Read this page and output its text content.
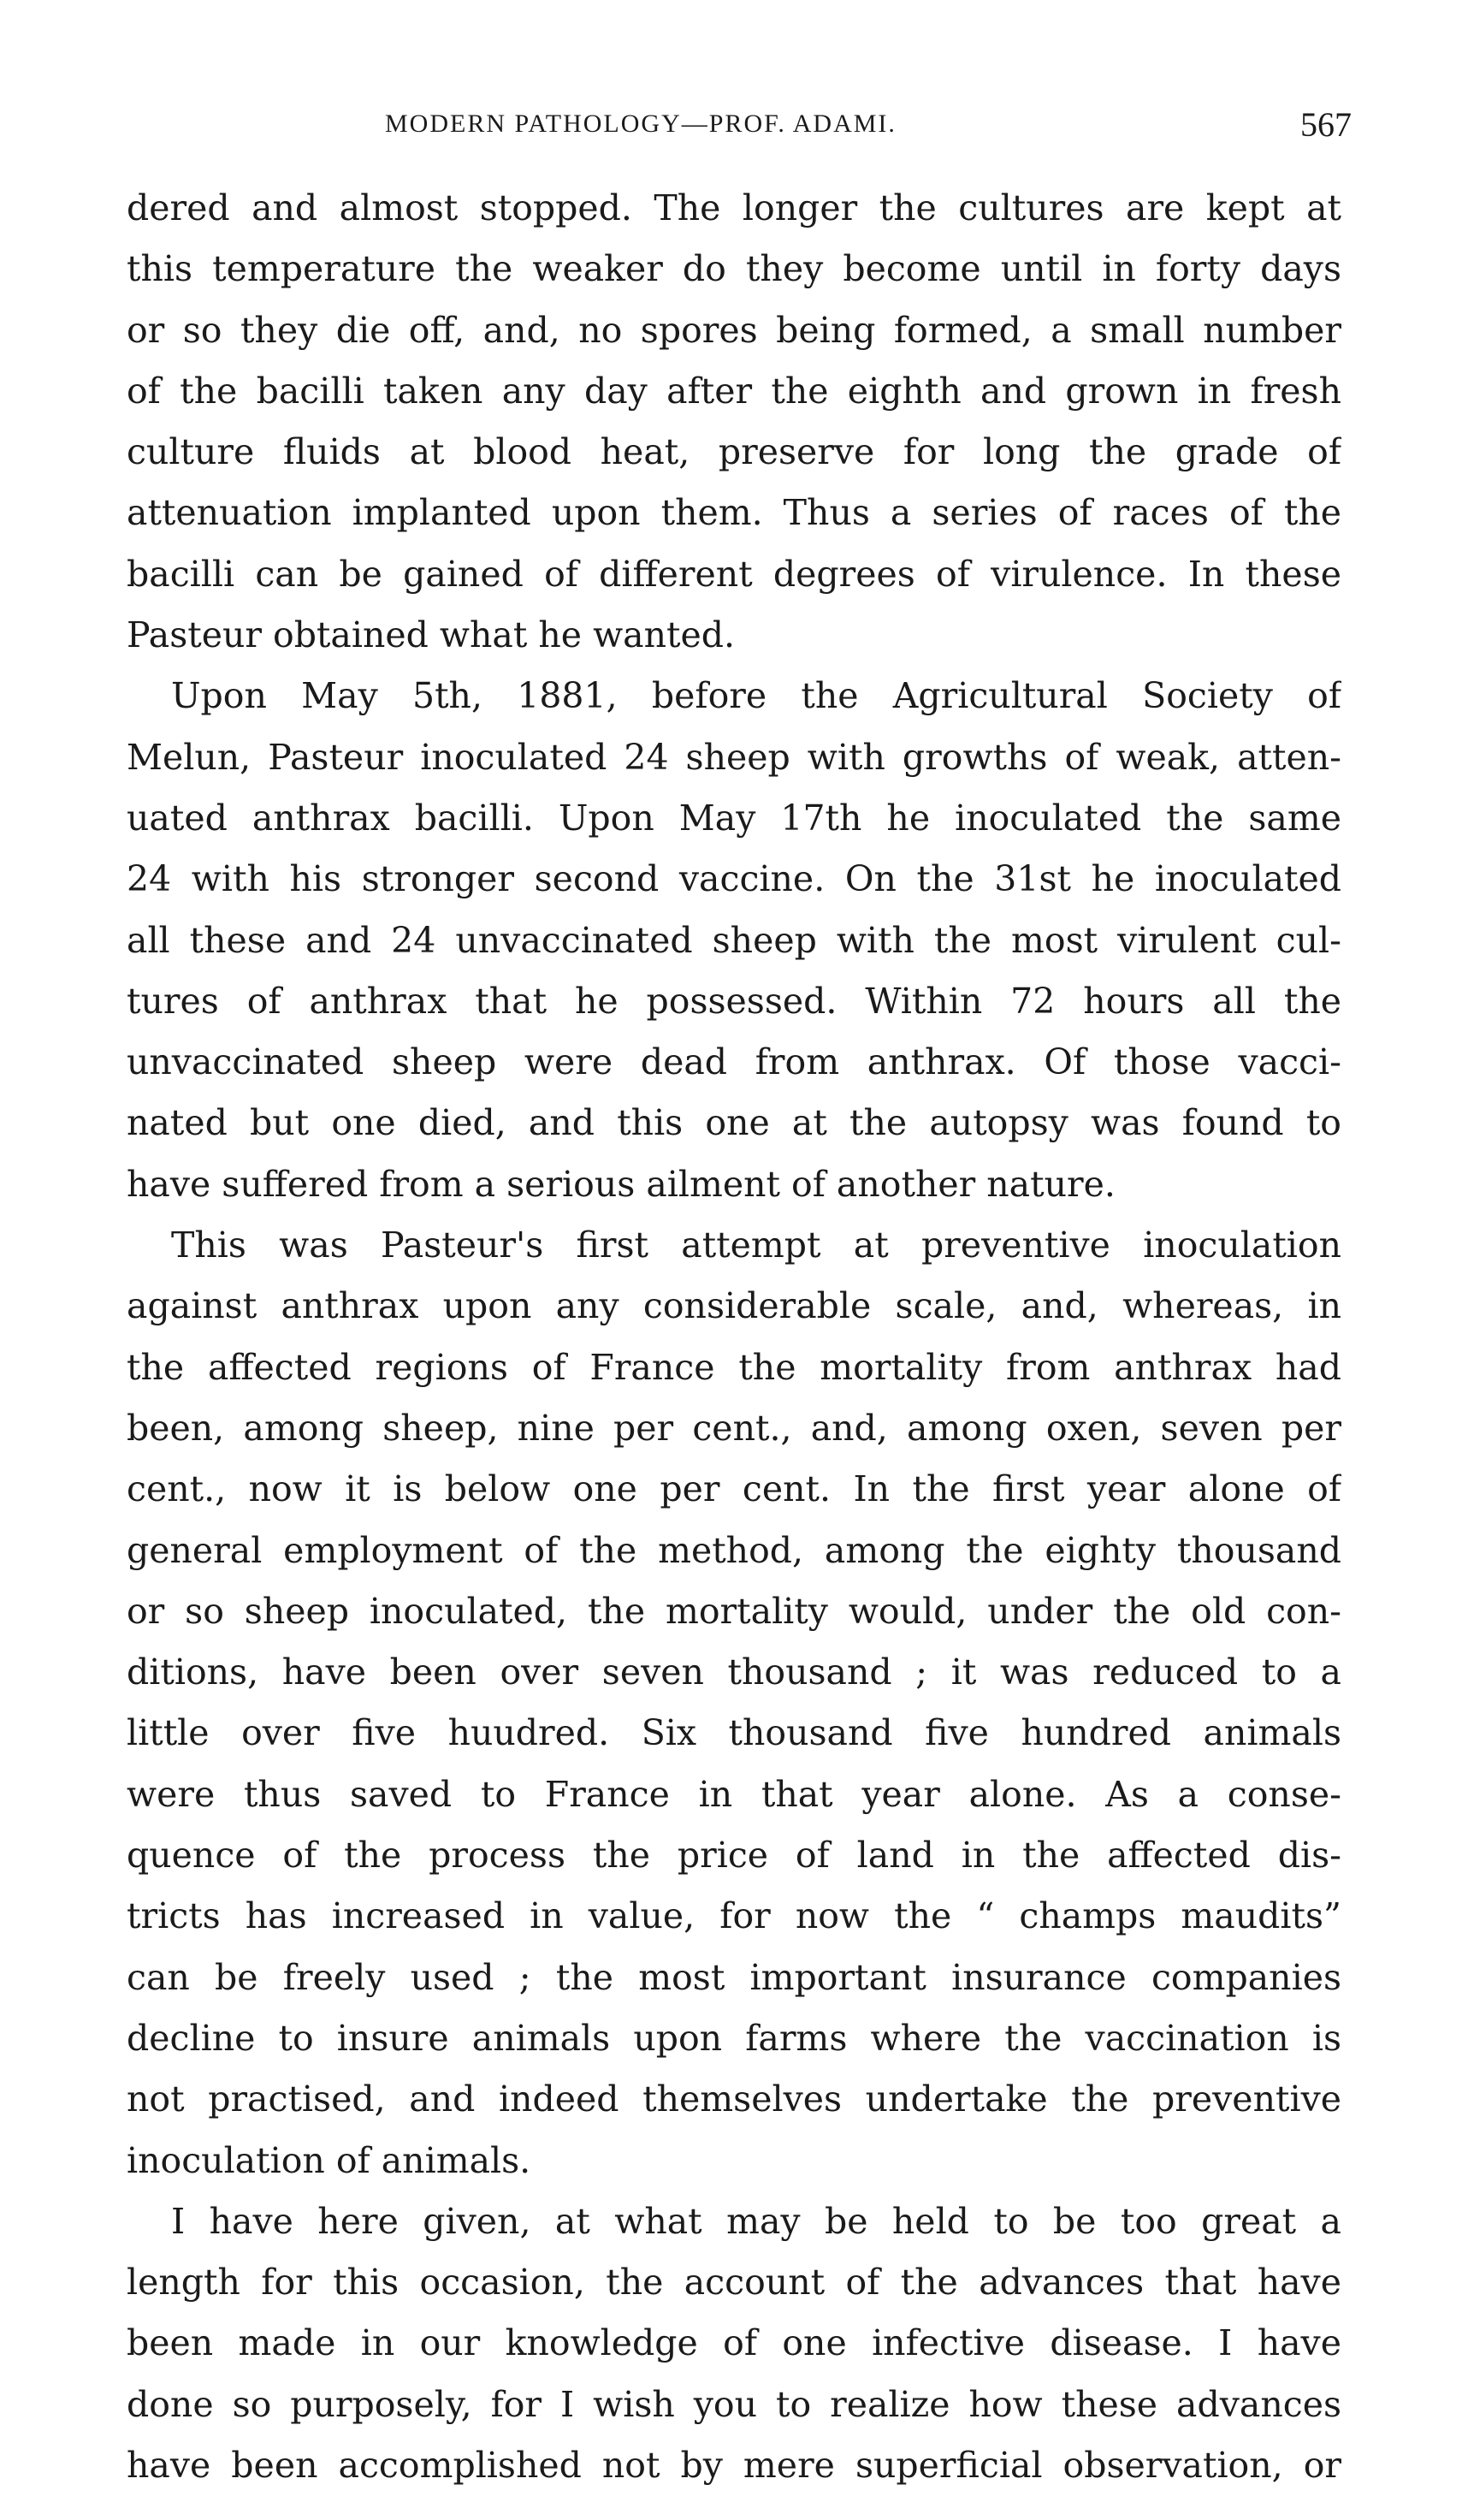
MODERN PATHOLOGY—PROF. ADAMI.	567
dered and almost stopped. The longer the cultures are kept at
this temperature the weaker do they become until in forty days
or so they die off, and, no spores being formed, a small number
of the bacilli taken any day after the eighth and grown in fresh
culture fluids at blood heat, preserve for long the grade of
attenuation implanted upon them. Thus a series of races of the
bacilli can be gained of different degrees of virulence. In these
Pasteur obtained what he wanted.
Upon May 5th, 1881, before the Agricultural Society of
Melun, Pasteur inoculated 24 sheep with growths of weak, atten-
uated anthrax bacilli. Upon May 17th he inoculated the same
24 with his stronger second vaccine. On the 31st he inoculated
all these and 24 unvaccinated sheep with the most virulent cul-
tures of anthrax that he possessed. Within 72 hours all the
unvaccinated sheep were dead from anthrax. Of those vacci-
nated but one died, and this one at the autopsy was found to
have suffered from a serious ailment of another nature.
This was Pasteur's first attempt at preventive inoculation
against anthrax upon any considerable scale, and, whereas, in
the affected regions of France the mortality from anthrax had
been, among sheep, nine per cent., and, among oxen, seven per
cent., now it is below one per cent. In the first year alone of
general employment of the method, among the eighty thousand
or so sheep inoculated, the mortality would, under the old con-
ditions, have been over seven thousand ; it was reduced to a
little over five huudred. Six thousand five hundred animals
were thus saved to France in that year alone. As a conse-
quence of the process the price of land in the affected dis-
tricts has increased in value, for now the “ champs maudits”
can be freely used ; the most important insurance companies
decline to insure animals upon farms where the vaccination is
not practised, and indeed themselves undertake the preventive
inoculation of animals.
I have here given, at what may be held to be too great a
length for this occasion, the account of the advances that have
been made in our knowledge of one infective disease. I have
done so purposely, for I wish you to realize how these advances
have been accomplished not by mere superficial observation, or
